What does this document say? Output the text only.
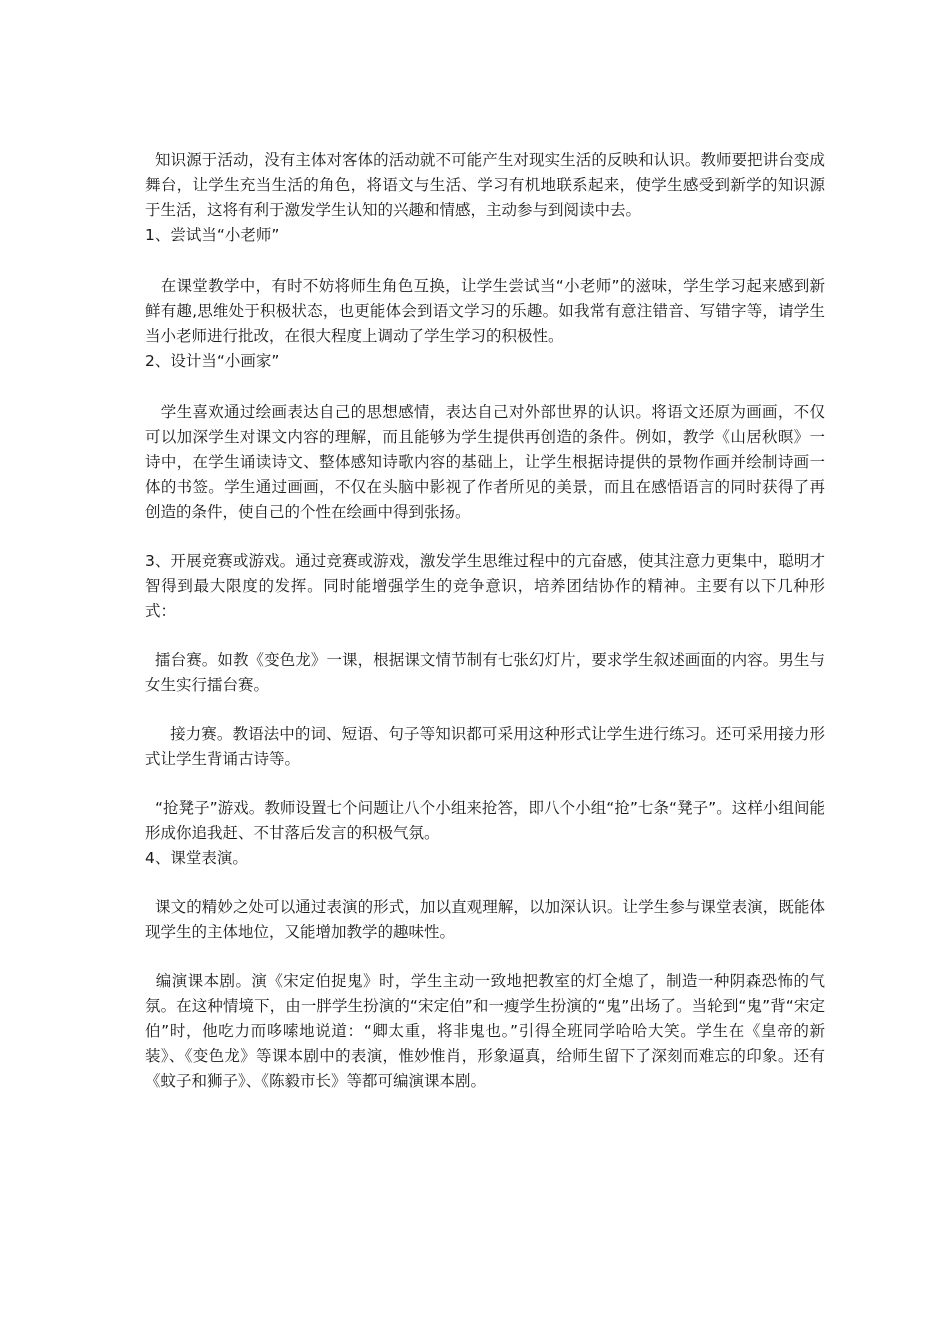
知识源于活动，没有主体对客体的活动就不可能产生对现实生活的反映和认识。教师要把讲台变成舞台，让学生充当生活的角色，将语文与生活、学习有机地联系起来，使学生感受到新学的知识源于生活，这将有利于激发学生认知的兴趣和情感，主动参与到阅读中去。

1、尝试当“小老师”

在课堂教学中，有时不妨将师生角色互换，让学生尝试当“小老师”的滋味，学生学习起来感到新鲜有趣,思维处于积极状态，也更能体会到语文学习的乐趣。如我常有意注错音、写错字等，请学生当小老师进行批改，在很大程度上调动了学生学习的积极性。

2、设计当“小画家”

学生喜欢通过绘画表达自己的思想感情，表达自己对外部世界的认识。将语文还原为画画，不仅可以加深学生对课文内容的理解，而且能够为学生提供再创造的条件。例如，教学《山居秋暝》一诗中，在学生诵读诗文、整体感知诗歌内容的基础上，让学生根据诗提供的景物作画并绘制诗画一体的书签。学生通过画画，不仅在头脑中影视了作者所见的美景，而且在感悟语言的同时获得了再创造的条件，使自己的个性在绘画中得到张扬。

3、开展竞赛或游戏。通过竞赛或游戏，激发学生思维过程中的亢奋感，使其注意力更集中，聪明才智得到最大限度的发挥。同时能增强学生的竞争意识，培养团结协作的精神。主要有以下几种形式：

擂台赛。如教《变色龙》一课，根据课文情节制有七张幻灯片，要求学生叙述画面的内容。男生与女生实行擂台赛。

接力赛。教语法中的词、短语、句子等知识都可采用这种形式让学生进行练习。还可采用接力形式让学生背诵古诗等。

“抢凳子”游戏。教师设置七个问题让八个小组来抢答，即八个小组“抢”七条“凳子”。这样小组间能形成你追我赶、不甘落后发言的积极气氛。

4、课堂表演。

课文的精妙之处可以通过表演的形式，加以直观理解，以加深认识。让学生参与课堂表演，既能体现学生的主体地位，又能增加教学的趣味性。

编演课本剧。演《宋定伯捉鬼》时，学生主动一致地把教室的灯全熄了，制造一种阴森恐怖的气氛。在这种情境下，由一胖学生扮演的“宋定伯”和一瘦学生扮演的“鬼”出场了。当轮到“鬼”背“宋定伯”时，他吃力而哆嗦地说道：“卿太重，将非鬼也。”引得全班同学哈哈大笑。学生在《皇帝的新装》、《变色龙》等课本剧中的表演，惟妙惟肖，形象逼真，给师生留下了深刻而难忘的印象。还有《蚊子和狮子》、《陈毅市长》等都可编演课本剧。
